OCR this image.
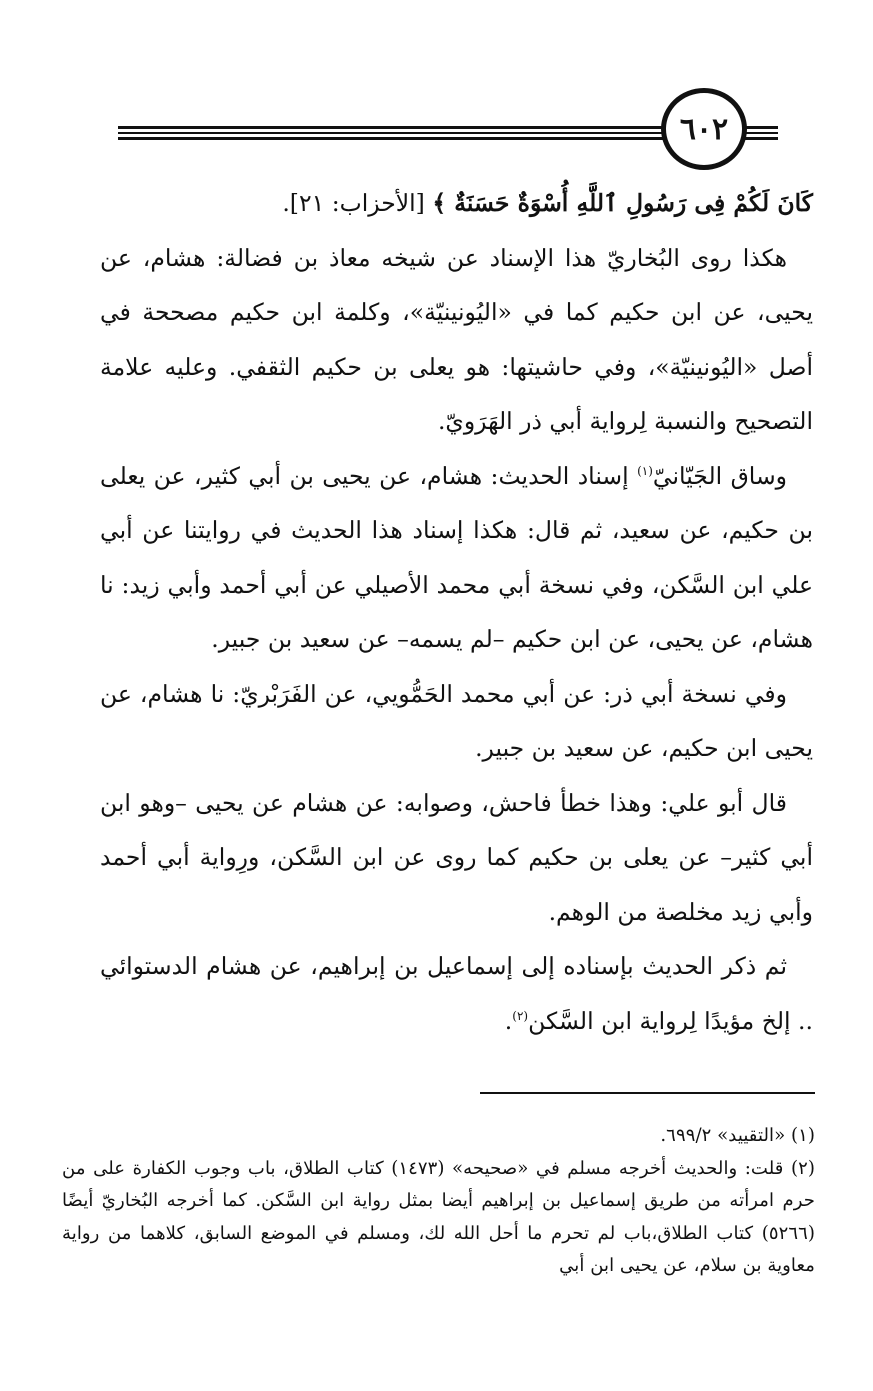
٦٠٢

كَانَ لَكُمْ فِى رَسُولِ ٱللَّهِ أُسْوَةٌ حَسَنَةٌ ﴾ [الأحزاب: ٢١].

هكذا روى البُخاريّ هذا الإسناد عن شيخه معاذ بن فضالة: هشام، عن يحيى، عن ابن حكيم كما في «اليُونينيّة»، وكلمة ابن حكيم مصححة في أصل «اليُونينيّة»، وفي حاشيتها: هو يعلى بن حكيم الثقفي. وعليه علامة التصحيح والنسبة لِرواية أبي ذر الهَرَويّ.

وساق الجَيّانيّ$^{(١)}$ إسناد الحديث: هشام، عن يحيى بن أبي كثير، عن يعلى بن حكيم، عن سعيد، ثم قال: هكذا إسناد هذا الحديث في روايتنا عن أبي علي ابن السَّكن، وفي نسخة أبي محمد الأصيلي عن أبي أحمد وأبي زيد: نا هشام، عن يحيى، عن ابن حكيم –لم يسمه– عن سعيد بن جبير.

وفي نسخة أبي ذر: عن أبي محمد الحَمُّويي، عن الفَرَبْريّ: نا هشام، عن يحيى ابن حكيم، عن سعيد بن جبير.

قال أبو علي: وهذا خطأ فاحش، وصوابه: عن هشام عن يحيى –وهو ابن أبي كثير– عن يعلى بن حكيم كما روى عن ابن السَّكن، ورِواية أبي أحمد وأبي زيد مخلصة من الوهم.

ثم ذكر الحديث بإسناده إلى إسماعيل بن إبراهيم، عن هشام الدستوائي .. إلخ مؤيدًا لِرواية ابن السَّكن$^{(٢)}$.

(١) «التقييد» ٦٩٩/٢.

(٢) قلت: والحديث أخرجه مسلم في «صحيحه» (١٤٧٣) كتاب الطلاق، باب وجوب الكفارة على من حرم امرأته من طريق إسماعيل بن إبراهيم أيضا بمثل رواية ابن السَّكن. كما أخرجه البُخاريّ أيضًا (٥٢٦٦) كتاب الطلاق،باب لم تحرم ما أحل الله لك، ومسلم في الموضع السابق، كلاهما من رواية معاوية بن سلام، عن يحيى ابن أبي
